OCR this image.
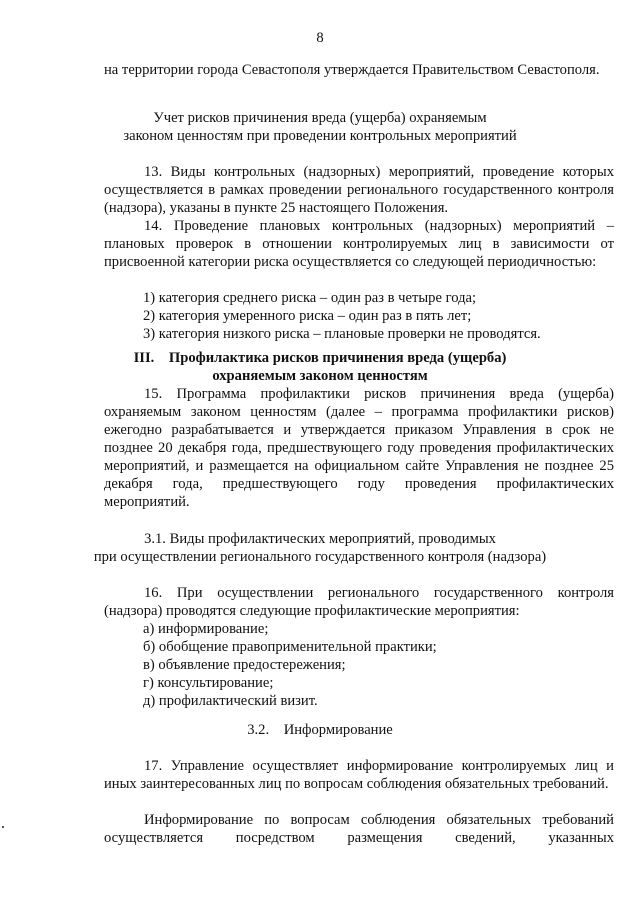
8
на территории города Севастополя утверждается Правительством Севастополя.
Учет рисков причинения вреда (ущерба) охраняемым
законом ценностям при проведении контрольных мероприятий
13. Виды контрольных (надзорных) мероприятий, проведение которых осуществляется в рамках проведении регионального государственного контроля (надзора), указаны в пункте 25 настоящего Положения.
14. Проведение плановых контрольных (надзорных) мероприятий – плановых проверок в отношении контролируемых лиц в зависимости от присвоенной категории риска осуществляется со следующей периодичностью:
1) категория среднего риска – один раз в четыре года;
2) категория умеренного риска – один раз в пять лет;
3) категория низкого риска – плановые проверки не проводятся.
III.    Профилактика рисков причинения вреда (ущерба)
охраняемым законом ценностям
15. Программа профилактики рисков причинения вреда (ущерба) охраняемым законом ценностям (далее – программа профилактики рисков) ежегодно разрабатывается и утверждается приказом Управления в срок не позднее 20 декабря года, предшествующего году проведения профилактических мероприятий, и размещается на официальном сайте Управления не позднее 25 декабря года, предшествующего году проведения профилактических мероприятий.
3.1. Виды профилактических мероприятий, проводимых
при осуществлении регионального государственного контроля (надзора)
16. При осуществлении регионального государственного контроля (надзора) проводятся следующие профилактические мероприятия:
а) информирование;
б) обобщение правоприменительной практики;
в) объявление предостережения;
г) консультирование;
д) профилактический визит.
3.2.    Информирование
17. Управление осуществляет информирование контролируемых лиц и иных заинтересованных лиц по вопросам соблюдения обязательных требований.
Информирование по вопросам соблюдения обязательных требований осуществляется посредством размещения сведений, указанных
